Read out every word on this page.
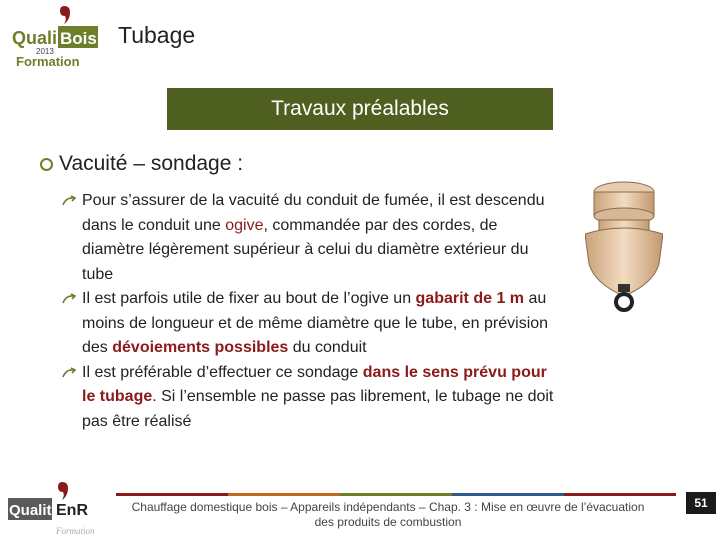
Quali Bois
2013
Formation
Tubage
Travaux préalables
Vacuité – sondage :
Pour s’assurer de la vacuité du conduit de fumée, il est descendu dans le conduit une ogive, commandée par des cordes, de diamètre légèrement supérieur à celui du diamètre extérieur du tube
Il est parfois utile de fixer au bout de l’ogive un gabarit de 1 m au moins de longueur et de même diamètre que le tube, en prévision des dévoiements possibles du conduit
Il est préférable d’effectuer ce sondage dans le sens prévu pour le tubage. Si l’ensemble ne passe pas librement, le tubage ne doit pas être réalisé
Qualit EnR
Formation
Chauffage domestique bois – Appareils indépendants – Chap. 3 : Mise en œuvre de l’évacuation
des produits de combustion
51
